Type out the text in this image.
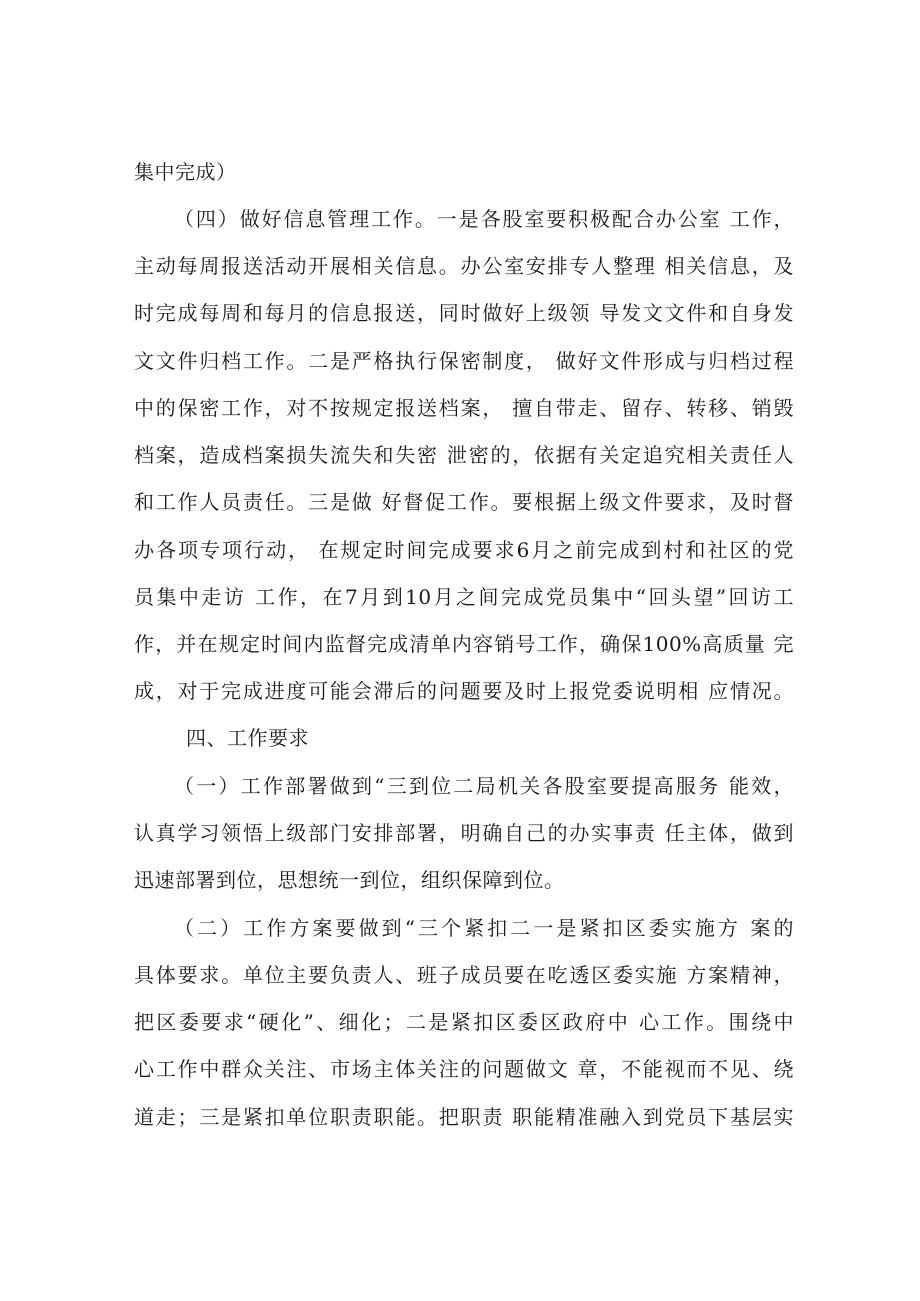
集中完成）

（四）做好信息管理工作。一是各股室要积极配合办公室 工作，

主动每周报送活动开展相关信息。办公室安排专人整理 相关信息，及

时完成每周和每月的信息报送，同时做好上级领 导发文文件和自身发

文文件归档工作。二是严格执行保密制度， 做好文件形成与归档过程

中的保密工作，对不按规定报送档案， 擅自带走、留存、转移、销毁

档案，造成档案损失流失和失密 泄密的，依据有关定追究相关责任人

和工作人员责任。三是做 好督促工作。要根据上级文件要求，及时督

办各项专项行动， 在规定时间完成要求6月之前完成到村和社区的党

员集中走访 工作，在7月到10月之间完成党员集中“回头望”回访工

作，并在规定时间内监督完成清单内容销号工作，确保100%高质量 完

成，对于完成进度可能会滞后的问题要及时上报党委说明相 应情况。

四、工作要求

（一）工作部署做到“三到位二局机关各股室要提高服务 能效，

认真学习领悟上级部门安排部署，明确自己的办实事责 任主体，做到

迅速部署到位，思想统一到位，组织保障到位。

（二）工作方案要做到“三个紧扣二一是紧扣区委实施方 案的

具体要求。单位主要负责人、班子成员要在吃透区委实施 方案精神，

把区委要求“硬化”、细化；二是紧扣区委区政府中 心工作。围绕中

心工作中群众关注、市场主体关注的问题做文 章，不能视而不见、绕

道走；三是紧扣单位职责职能。把职责 职能精准融入到党员下基层实
